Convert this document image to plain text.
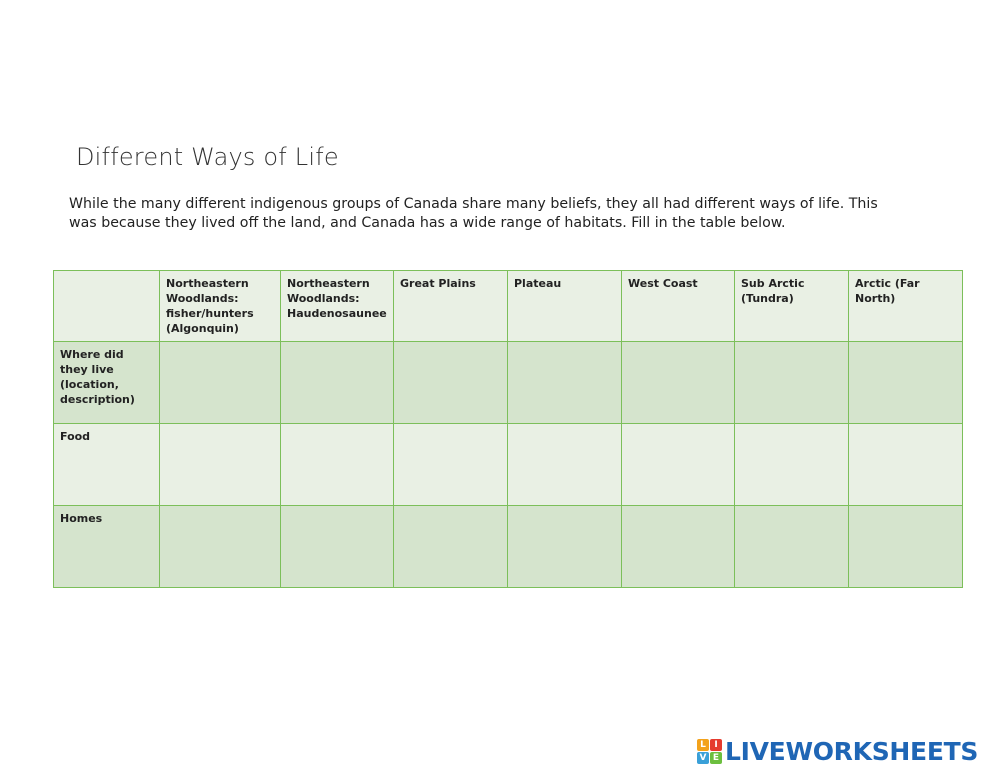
Different Ways of Life
While the many different indigenous groups of Canada share many beliefs, they all had different ways of life. This was because they lived off the land, and Canada has a wide range of habitats. Fill in the table below.
	Northeastern Woodlands: fisher/hunters (Algonquin)	Northeastern Woodlands: Haudenosaunee	Great Plains	Plateau	West Coast	Sub Arctic (Tundra)	Arctic (Far North)
Where did they live (location, description)							
Food							
Homes							
L I
V E LIVEWORKSHEETS
